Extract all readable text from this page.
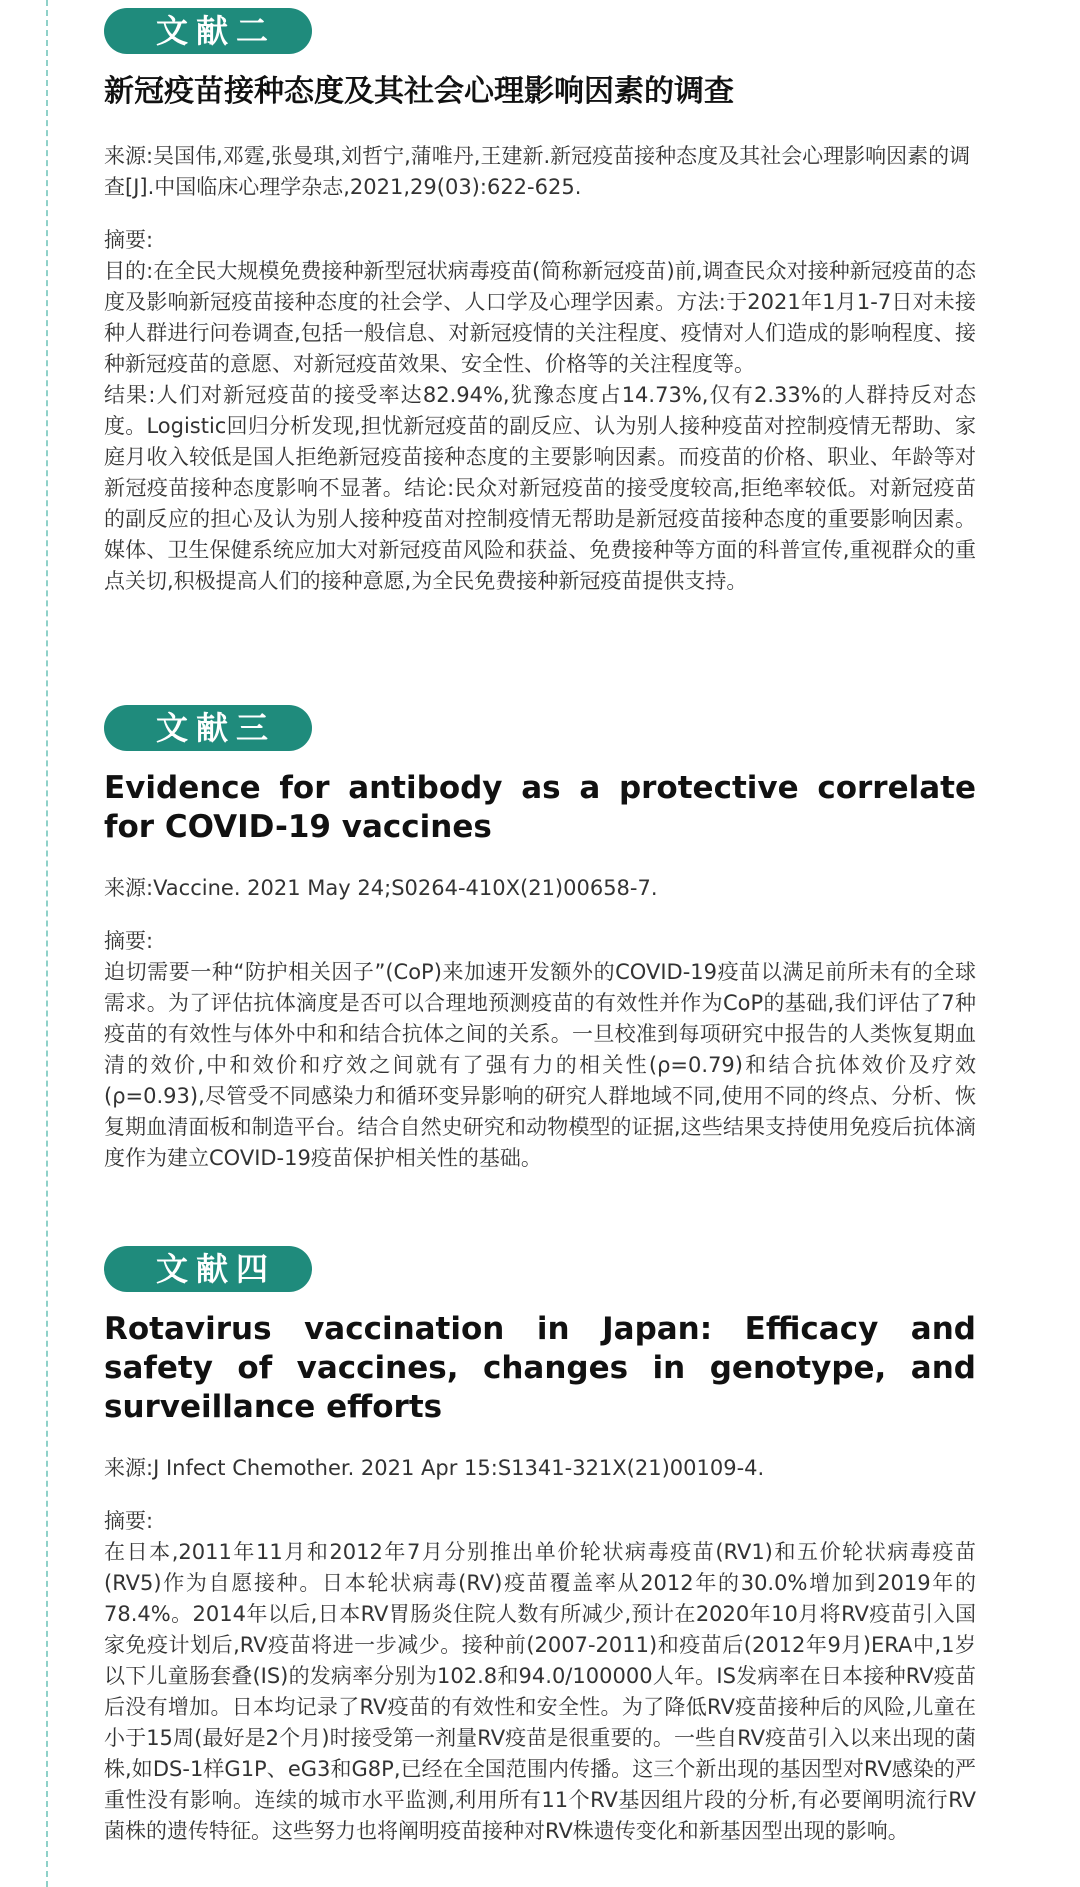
文献二
新冠疫苗接种态度及其社会心理影响因素的调查
来源:吴国伟,邓霆,张曼琪,刘哲宁,蒲唯丹,王建新.新冠疫苗接种态度及其社会心理影响因素的调查[J].中国临床心理学杂志,2021,29(03):622-625.
摘要:

目的:在全民大规模免费接种新型冠状病毒疫苗(简称新冠疫苗)前,调查民众对接种新冠疫苗的态度及影响新冠疫苗接种态度的社会学、人口学及心理学因素。方法:于2021年1月1-7日对未接种人群进行问卷调查,包括一般信息、对新冠疫情的关注程度、疫情对人们造成的影响程度、接种新冠疫苗的意愿、对新冠疫苗效果、安全性、价格等的关注程度等。

结果:人们对新冠疫苗的接受率达82.94%,犹豫态度占14.73%,仅有2.33%的人群持反对态度。Logistic回归分析发现,担忧新冠疫苗的副反应、认为别人接种疫苗对控制疫情无帮助、家庭月收入较低是国人拒绝新冠疫苗接种态度的主要影响因素。而疫苗的价格、职业、年龄等对新冠疫苗接种态度影响不显著。结论:民众对新冠疫苗的接受度较高,拒绝率较低。对新冠疫苗的副反应的担心及认为别人接种疫苗对控制疫情无帮助是新冠疫苗接种态度的重要影响因素。媒体、卫生保健系统应加大对新冠疫苗风险和获益、免费接种等方面的科普宣传,重视群众的重点关切,积极提高人们的接种意愿,为全民免费接种新冠疫苗提供支持。

文献三
Evidence for antibody as a protective correlate for COVID-19 vaccines
来源:Vaccine. 2021 May 24;S0264-410X(21)00658-7.
摘要:

迫切需要一种“防护相关因子”(CoP)来加速开发额外的COVID-19疫苗以满足前所未有的全球需求。为了评估抗体滴度是否可以合理地预测疫苗的有效性并作为CoP的基础,我们评估了7种疫苗的有效性与体外中和和结合抗体之间的关系。一旦校准到每项研究中报告的人类恢复期血清的效价,中和效价和疗效之间就有了强有力的相关性(ρ=0.79)和结合抗体效价及疗效(ρ=0.93),尽管受不同感染力和循环变异影响的研究人群地域不同,使用不同的终点、分析、恢复期血清面板和制造平台。结合自然史研究和动物模型的证据,这些结果支持使用免疫后抗体滴度作为建立COVID-19疫苗保护相关性的基础。

文献四
Rotavirus vaccination in Japan: Efficacy and safety of vaccines, changes in genotype, and surveillance efforts
来源:J Infect Chemother. 2021 Apr 15:S1341-321X(21)00109-4.
摘要:

在日本,2011年11月和2012年7月分别推出单价轮状病毒疫苗(RV1)和五价轮状病毒疫苗(RV5)作为自愿接种。日本轮状病毒(RV)疫苗覆盖率从2012年的30.0%增加到2019年的78.4%。2014年以后,日本RV胃肠炎住院人数有所减少,预计在2020年10月将RV疫苗引入国家免疫计划后,RV疫苗将进一步减少。接种前(2007-2011)和疫苗后(2012年9月)ERA中,1岁以下儿童肠套叠(IS)的发病率分别为102.8和94.0/100000人年。IS发病率在日本接种RV疫苗后没有增加。日本均记录了RV疫苗的有效性和安全性。为了降低RV疫苗接种后的风险,儿童在小于15周(最好是2个月)时接受第一剂量RV疫苗是很重要的。一些自RV疫苗引入以来出现的菌株,如DS-1样G1P、eG3和G8P,已经在全国范围内传播。这三个新出现的基因型对RV感染的严重性没有影响。连续的城市水平监测,利用所有11个RV基因组片段的分析,有必要阐明流行RV菌株的遗传特征。这些努力也将阐明疫苗接种对RV株遗传变化和新基因型出现的影响。
